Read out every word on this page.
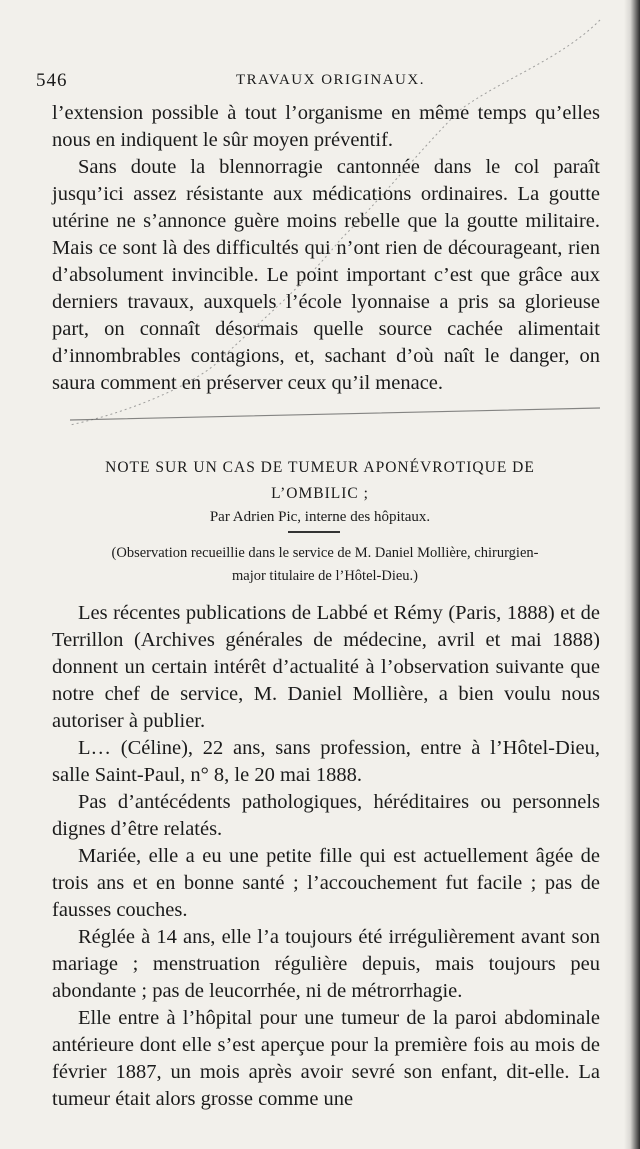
546	TRAVAUX ORIGINAUX.

l’extension possible à tout l’organisme en même temps qu’elles nous en indiquent le sûr moyen préventif.

Sans doute la blennorragie cantonnée dans le col paraît jusqu’ici assez résistante aux médications ordinaires. La goutte utérine ne s’annonce guère moins rebelle que la goutte militaire. Mais ce sont là des difficultés qui n’ont rien de décourageant, rien d’absolument invincible. Le point important c’est que grâce aux derniers travaux, auxquels l’école lyonnaise a pris sa glorieuse part, on connaît désormais quelle source cachée alimentait d’innombrables contagions, et, sachant d’où naît le danger, on saura comment en préserver ceux qu’il menace.

NOTE SUR UN CAS DE TUMEUR APONÉVROTIQUE DE
L’OMBILIC ;
Par Adrien Pic, interne des hôpitaux.
(Observation recueillie dans le service de M. Daniel Mollière, chirurgien-
major titulaire de l’Hôtel-Dieu.)

Les récentes publications de Labbé et Rémy (Paris, 1888) et de Terrillon (Archives générales de médecine, avril et mai 1888) donnent un certain intérêt d’actualité à l’observation suivante que notre chef de service, M. Daniel Mollière, a bien voulu nous autoriser à publier.

L… (Céline), 22 ans, sans profession, entre à l’Hôtel-Dieu, salle Saint-Paul, n° 8, le 20 mai 1888.

Pas d’antécédents pathologiques, héréditaires ou personnels dignes d’être relatés.

Mariée, elle a eu une petite fille qui est actuellement âgée de trois ans et en bonne santé ; l’accouchement fut facile ; pas de fausses couches.

Réglée à 14 ans, elle l’a toujours été irrégulièrement avant son mariage ; menstruation régulière depuis, mais toujours peu abondante ; pas de leucorrhée, ni de métrorrhagie.

Elle entre à l’hôpital pour une tumeur de la paroi abdominale antérieure dont elle s’est aperçue pour la première fois au mois de février 1887, un mois après avoir sevré son enfant, dit-elle. La tumeur était alors grosse comme une
